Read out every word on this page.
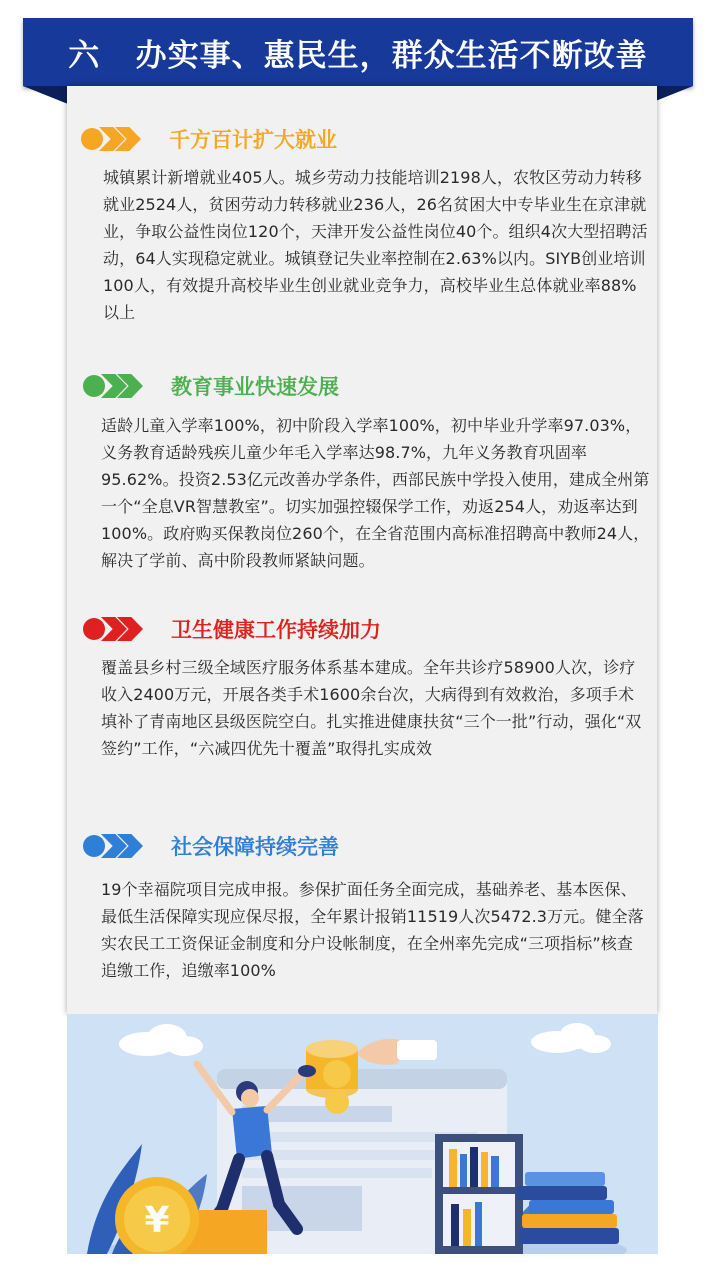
六   办实事、惠民生，群众生活不断改善
千方百计扩大就业

城镇累计新增就业405人。城乡劳动力技能培训2198人，农牧区劳动力转移就业2524人，贫困劳动力转移就业236人，26名贫困大中专毕业生在京津就业，争取公益性岗位120个，天津开发公益性岗位40个。组织4次大型招聘活动，64人实现稳定就业。城镇登记失业率控制在2.63%以内。SIYB创业培训100人，有效提升高校毕业生创业就业竞争力，高校毕业生总体就业率88%以上

教育事业快速发展

适龄儿童入学率100%，初中阶段入学率100%，初中毕业升学率97.03%，义务教育适龄残疾儿童少年毛入学率达98.7%，九年义务教育巩固率95.62%。投资2.53亿元改善办学条件，西部民族中学投入使用，建成全州第一个“全息VR智慧教室”。切实加强控辍保学工作，劝返254人，劝返率达到 100%。政府购买保教岗位260个，在全省范围内高标准招聘高中教师24人，解决了学前、高中阶段教师紧缺问题。

卫生健康工作持续加力

覆盖县乡村三级全域医疗服务体系基本建成。全年共诊疗58900人次，诊疗收入2400万元，开展各类手术1600余台次，大病得到有效救治，多项手术填补了青南地区县级医院空白。扎实推进健康扶贫“三个一批”行动，强化“双签约”工作，“六减四优先十覆盖”取得扎实成效

社会保障持续完善

19个幸福院项目完成申报。参保扩面任务全面完成，基础养老、基本医保、最低生活保障实现应保尽报，全年累计报销11519人次5472.3万元。健全落实农民工工资保证金制度和分户设帐制度，在全州率先完成“三项指标”核查追缴工作，追缴率100%

¥
